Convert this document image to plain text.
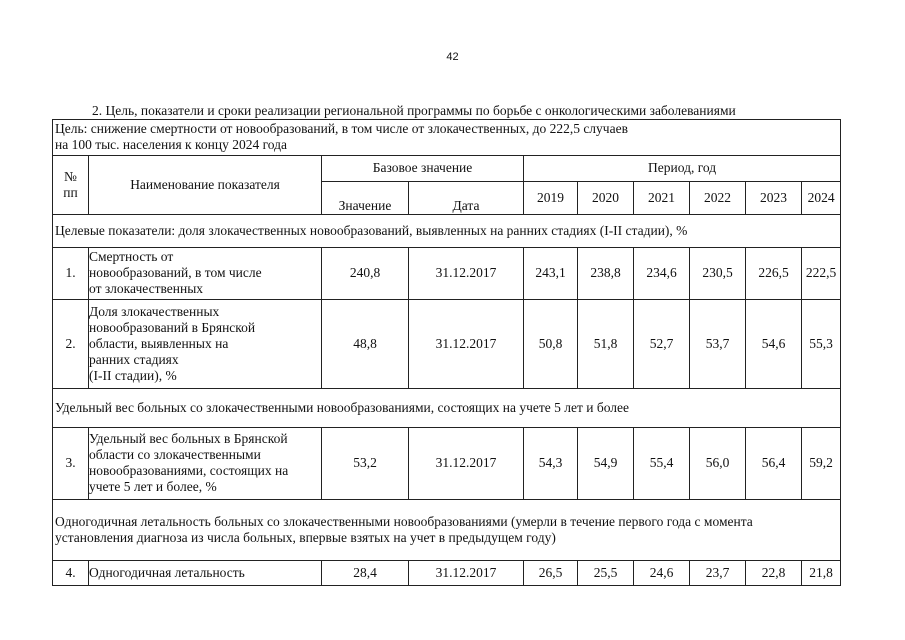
42
2. Цель, показатели и сроки реализации региональной программы по борьбе с онкологическими заболеваниями
Цель: снижение смертности от новообразований, в том числе от злокачественных, до 222,5 случаев
на 100 тыс. населения к концу 2024 года									

№
пп	Наименование показателя	Базовое значение		Период, год					
		Значение	Дата	2019	2020	2021	2022	2023	2024
Целевые показатели: доля злокачественных новообразований, выявленных на ранних стадиях (I-II стадии), %									
1.	Смертность от
новообразований, в том числе
от злокачественных	240,8	31.12.2017	243,1	238,8	234,6	230,5	226,5	222,5
2.	Доля злокачественных
новообразований в Брянской
области, выявленных на
ранних стадиях
(I-II стадии), %	48,8	31.12.2017	50,8	51,8	52,7	53,7	54,6	55,3
Удельный вес больных со злокачественными новообразованиями, состоящих на учете 5 лет и более									
3.	Удельный вес больных в Брянской
области со злокачественными
новообразованиями, состоящих на
учете 5 лет и более, %	53,2	31.12.2017	54,3	54,9	55,4	56,0	56,4	59,2

Одногодичная летальность больных со злокачественными новообразованиями (умерли в течение первого года с момента
установления диагноза из числа больных, впервые взятых на учет в предыдущем году)									

4.	Одногодичная летальность	28,4	31.12.2017	26,5	25,5	24,6	23,7	22,8	21,8
